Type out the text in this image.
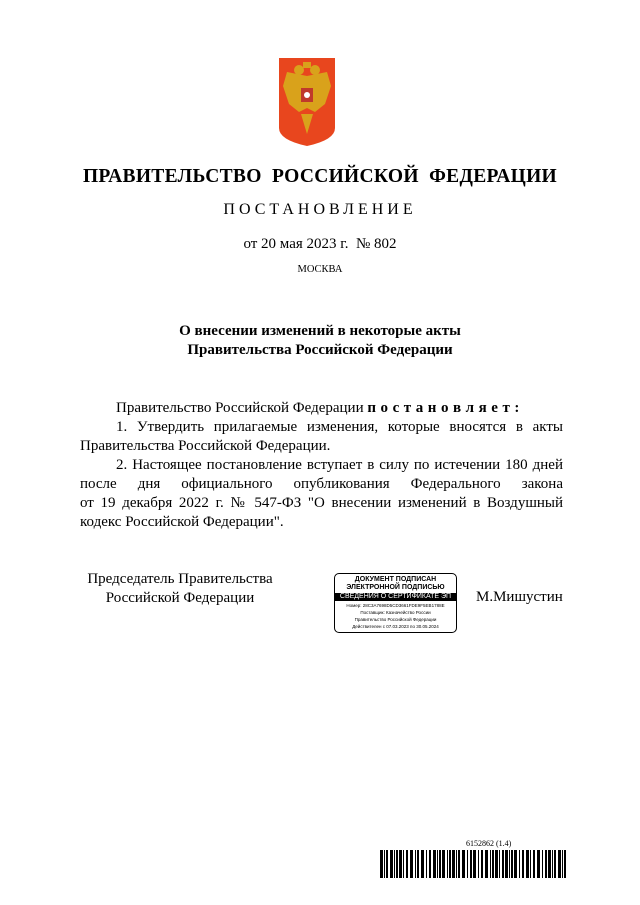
ПРАВИТЕЛЬСТВО  РОССИЙСКОЙ  ФЕДЕРАЦИИ
ПОСТАНОВЛЕНИЕ
от 20 мая 2023 г.  № 802
МОСКВА
О внесении изменений в некоторые акты
Правительства Российской Федерации
Правительство Российской Федерации п о с т а н о в л я е т :
1. Утвердить прилагаемые изменения, которые вносятся в акты
Правительства Российской Федерации.
2. Настоящее постановление вступает в силу по истечении 180 дней
после дня официального опубликования Федерального закона
от 19 декабря 2022 г. № 547-ФЗ "О внесении изменений в Воздушный
кодекс Российской Федерации".
Председатель Правительства
Российской Федерации
ДОКУМЕНТ ПОДПИСАН
ЭЛЕКТРОННОЙ ПОДПИСЬЮ
СВЕДЕНИЯ О СЕРТИФИКАТЕ ЭП
Номер: 28C3A7698D5CD3661FDE9F5EB1788E
Поставщик: Казначейство России
Правительство Российской Федерации
Действителен с 07.03.2023 по 30.05.2024
М.Мишустин
6152862 (1.4)
